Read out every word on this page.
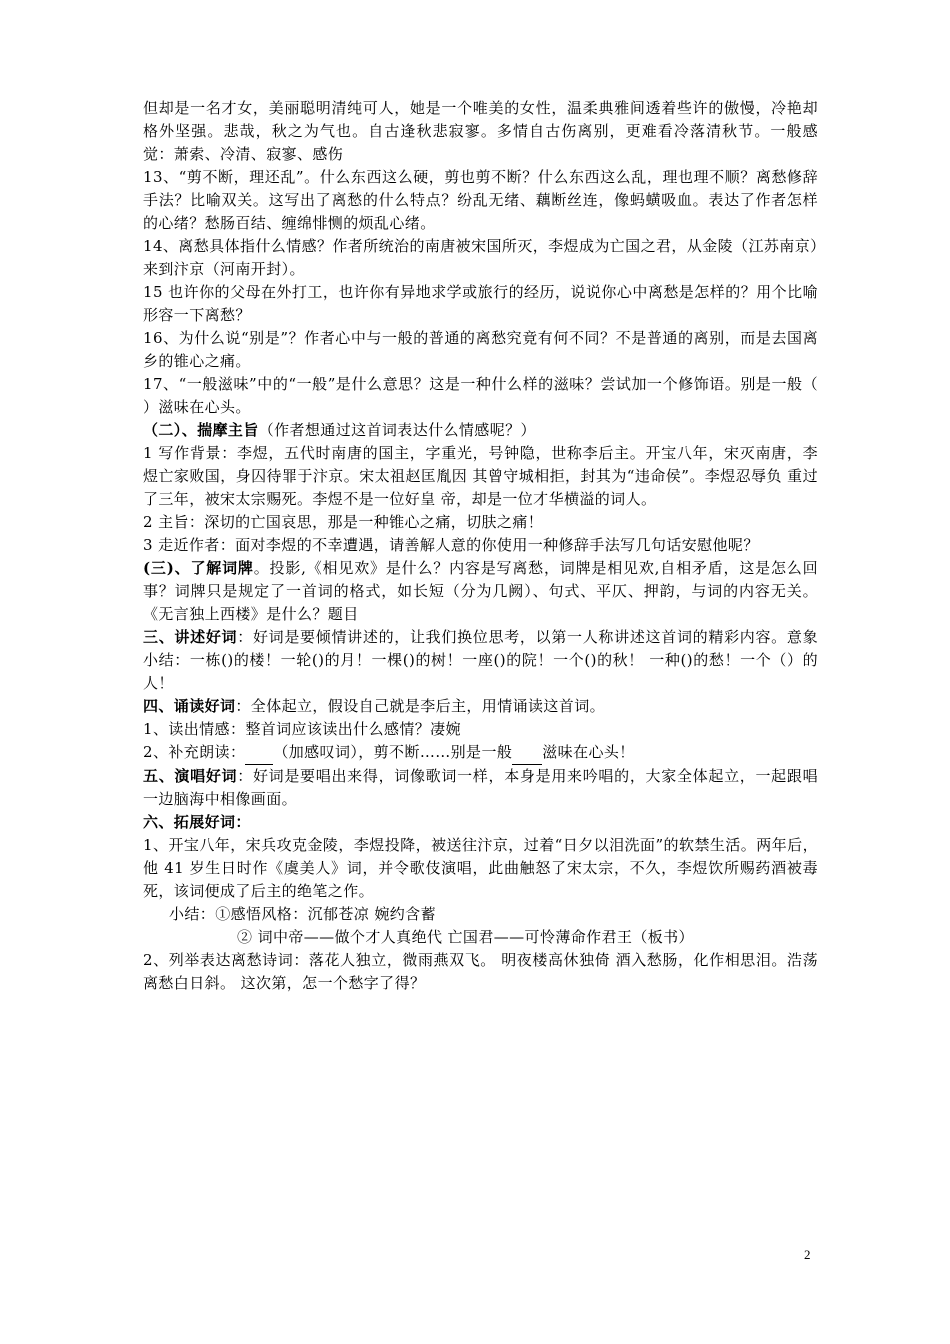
但却是一名才女，美丽聪明清纯可人，她是一个唯美的女性，温柔典雅间透着些许的傲慢，冷艳却格外坚强。悲哉，秋之为气也。自古逢秋悲寂寥。多情自古伤离别，更难看冷落清秋节。一般感觉：萧索、冷清、寂寥、感伤

13、“剪不断，理还乱”。什么东西这么硬，剪也剪不断？什么东西这么乱，理也理不顺？离愁修辞手法？比喻双关。这写出了离愁的什么特点？纷乱无绪、藕断丝连，像蚂蟥吸血。表达了作者怎样的心绪？愁肠百结、缠绵悱恻的烦乱心绪。

14、离愁具体指什么情感？作者所统治的南唐被宋国所灭，李煜成为亡国之君，从金陵（江苏南京）来到汴京（河南开封）。

15 也许你的父母在外打工，也许你有异地求学或旅行的经历，说说你心中离愁是怎样的？用个比喻形容一下离愁？

16、为什么说“别是”？作者心中与一般的普通的离愁究竟有何不同？不是普通的离别，而是去国离乡的锥心之痛。

17、“一般滋味”中的“一般”是什么意思？这是一种什么样的滋味？尝试加一个修饰语。别是一般（　　）滋味在心头。

（二）、揣摩主旨（作者想通过这首词表达什么情感呢？）

1 写作背景：李煜，五代时南唐的国主，字重光，号钟隐，世称李后主。开宝八年，宋灭南唐，李煜亡家败国，身囚待罪于汴京。宋太祖赵匡胤因 其曾守城相拒，封其为“违命侯”。李煜忍辱负 重过了三年，被宋太宗赐死。李煜不是一位好皇 帝，却是一位才华横溢的词人。

2 主旨：深切的亡国哀思，那是一种锥心之痛，切肤之痛！

3 走近作者：面对李煜的不幸遭遇，请善解人意的你使用一种修辞手法写几句话安慰他呢？

(三)、了解词牌。投影,《相见欢》是什么？内容是写离愁，词牌是相见欢,自相矛盾，这是怎么回事？词牌只是规定了一首词的格式，如长短（分为几阙）、句式、平仄、押韵，与词的内容无关。《无言独上西楼》是什么？题目

三、讲述好词：好词是要倾情讲述的，让我们换位思考，以第一人称讲述这首词的精彩内容。意象小结：一栋()的楼！一轮()的月！一棵()的树！一座()的院！一个()的秋！ 一种()的愁！一个（）的人！

四、诵读好词：全体起立，假设自己就是李后主，用情诵读这首词。

1、读出情感：整首词应该读出什么感情？凄婉

2、补充朗读： （加感叹词），剪不断……别是一般 滋味在心头！

五、演唱好词：好词是要唱出来得，词像歌词一样，本身是用来吟唱的，大家全体起立，一起跟唱一边脑海中相像画面。

六、拓展好词：

1、开宝八年，宋兵攻克金陵，李煜投降，被送往汴京，过着“日夕以泪洗面”的软禁生活。两年后，他 41 岁生日时作《虞美人》词，并令歌伎演唱，此曲触怒了宋太宗，不久，李煜饮所赐药酒被毒死，该词便成了后主的绝笔之作。

小结：①感悟风格：沉郁苍凉 婉约含蓄

② 词中帝——做个才人真绝代 亡国君——可怜薄命作君王（板书）

2、列举表达离愁诗词：落花人独立，微雨燕双飞。 明夜楼高休独倚 酒入愁肠，化作相思泪。浩荡离愁白日斜。 这次第，怎一个愁字了得？

2
